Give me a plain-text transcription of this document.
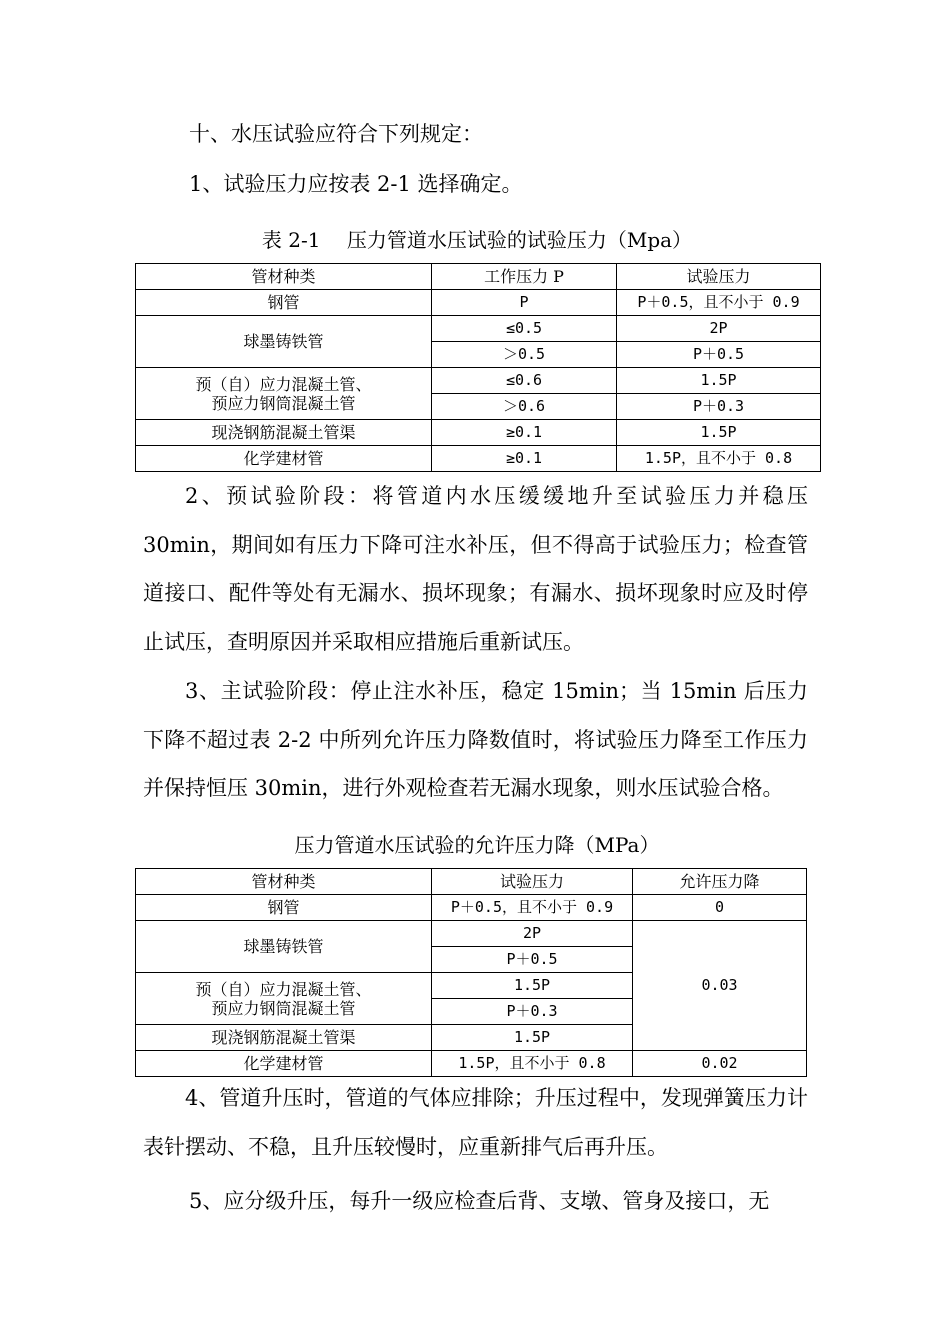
十、水压试验应符合下列规定：

1、试验压力应按表 2-1 选择确定。

表 2-1　 压力管道水压试验的试验压力（Mpa）

管材种类	工作压力 P	试验压力
钢管	P	P＋0.5，且不小于 0.9
球墨铸铁管	≤0.5	2P
	＞0.5	P＋0.5

预（自）应力混凝土管、
预应力钢筒混凝土管	≤0.6	1.5P
	＞0.6	P＋0.3
现浇钢筋混凝土管渠	≥0.1	1.5P
化学建材管	≥0.1	1.5P，且不小于 0.8

2、预试验阶段：将管道内水压缓缓地升至试验压力并稳压30min，期间如有压力下降可注水补压，但不得高于试验压力；检查管道接口、配件等处有无漏水、损坏现象；有漏水、损坏现象时应及时停止试压，查明原因并采取相应措施后重新试压。

3、主试验阶段：停止注水补压，稳定 15min；当 15min 后压力下降不超过表 2-2 中所列允许压力降数值时，将试验压力降至工作压力并保持恒压 30min，进行外观检查若无漏水现象，则水压试验合格。

压力管道水压试验的允许压力降（MPa）

管材种类	试验压力	允许压力降
钢管	P＋0.5，且不小于 0.9	0
球墨铸铁管	2P	0.03
	P＋0.5	

预（自）应力混凝土管、
预应力钢筒混凝土管	1.5P	
	P＋0.3	
现浇钢筋混凝土管渠	1.5P	
化学建材管	1.5P，且不小于 0.8	0.02

4、管道升压时，管道的气体应排除；升压过程中，发现弹簧压力计表针摆动、不稳，且升压较慢时，应重新排气后再升压。

5、应分级升压，每升一级应检查后背、支墩、管身及接口，无
